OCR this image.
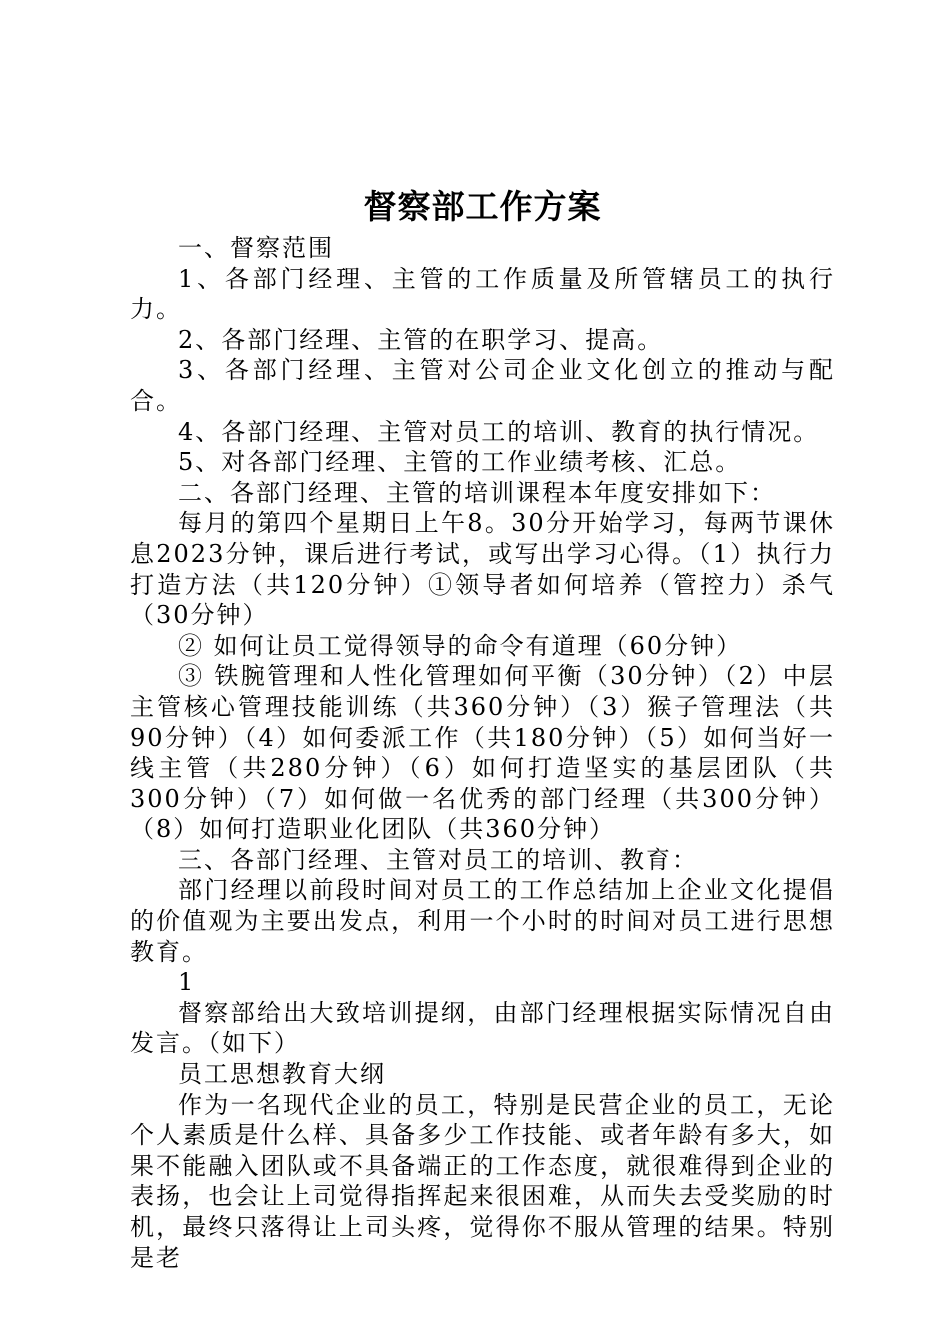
督察部工作方案

一、督察范围

1、各部门经理、主管的工作质量及所管辖员工的执行力。

2、各部门经理、主管的在职学习、提高。

3、各部门经理、主管对公司企业文化创立的推动与配合。

4、各部门经理、主管对员工的培训、教育的执行情况。

5、对各部门经理、主管的工作业绩考核、汇总。

二、各部门经理、主管的培训课程本年度安排如下：

每月的第四个星期日上午8。30分开始学习，每两节课休息2023分钟，课后进行考试，或写出学习心得。（1）执行力打造方法（共120分钟）①领导者如何培养（管控力）杀气（30分钟）

② 如何让员工觉得领导的命令有道理（60分钟）

③ 铁腕管理和人性化管理如何平衡（30分钟）（2）中层主管核心管理技能训练（共360分钟）（3）猴子管理法（共90分钟）（4）如何委派工作（共180分钟）（5）如何当好一线主管（共280分钟）（6）如何打造坚实的基层团队（共300分钟）（7）如何做一名优秀的部门经理（共300分钟）（8）如何打造职业化团队（共360分钟）

三、各部门经理、主管对员工的培训、教育：

部门经理以前段时间对员工的工作总结加上企业文化提倡的价值观为主要出发点，利用一个小时的时间对员工进行思想教育。

1

督察部给出大致培训提纲，由部门经理根据实际情况自由发言。（如下）

员工思想教育大纲

作为一名现代企业的员工，特别是民营企业的员工，无论个人素质是什么样、具备多少工作技能、或者年龄有多大，如果不能融入团队或不具备端正的工作态度，就很难得到企业的表扬，也会让上司觉得指挥起来很困难，从而失去受奖励的时机，最终只落得让上司头疼，觉得你不服从管理的结果。特别是老
